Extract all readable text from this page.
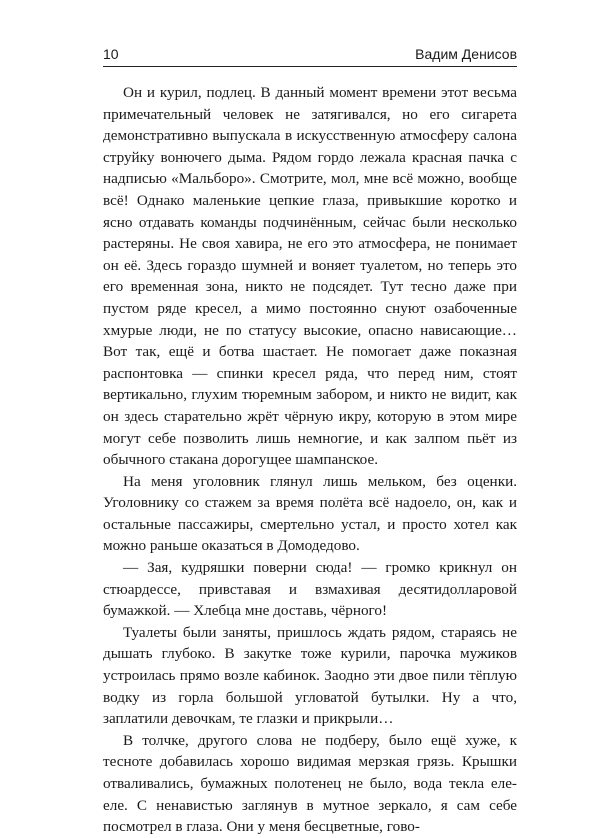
10	Вадим Денисов

Он и курил, подлец. В данный момент времени этот весьма примечательный человек не затягивался, но его сигарета демонстративно выпускала в искусственную атмосферу салона струйку вонючего дыма. Рядом гордо лежала красная пачка с надписью «Мальборо». Смотрите, мол, мне всё можно, вообще всё! Однако маленькие цепкие глаза, привыкшие коротко и ясно отдавать команды подчинённым, сейчас были несколько растеряны. Не своя хавира, не его это атмосфера, не понимает он её. Здесь гораздо шумней и воняет туалетом, но теперь это его временная зона, никто не подсядет. Тут тесно даже при пустом ряде кресел, а мимо постоянно снуют озабоченные хмурые люди, не по статусу высокие, опасно нависающие… Вот так, ещё и ботва шастает. Не помогает даже показная распонтовка — спинки кресел ряда, что перед ним, стоят вертикально, глухим тюремным забором, и никто не видит, как он здесь старательно жрёт чёрную икру, которую в этом мире могут себе позволить лишь немногие, и как залпом пьёт из обычного стакана дорогущее шампанское.

На меня уголовник глянул лишь мельком, без оценки. Уголовнику со стажем за время полёта всё надоело, он, как и остальные пассажиры, смертельно устал, и просто хотел как можно раньше оказаться в Домодедово.

— Зая, кудряшки поверни сюда! — громко крикнул он стюардессе, привставая и взмахивая десятидолларовой бумажкой. — Хлебца мне доставь, чёрного!

Туалеты были заняты, пришлось ждать рядом, стараясь не дышать глубоко. В закутке тоже курили, парочка мужиков устроилась прямо возле кабинок. Заодно эти двое пили тёплую водку из горла большой угловатой бутылки. Ну а что, заплатили девочкам, те глазки и прикрыли…

В толчке, другого слова не подберу, было ещё хуже, к тесноте добавилась хорошо видимая мерзкая грязь. Крышки отваливались, бумажных полотенец не было, вода текла еле-еле. С ненавистью заглянув в мутное зеркало, я сам себе посмотрел в глаза. Они у меня бесцветные, гово-
